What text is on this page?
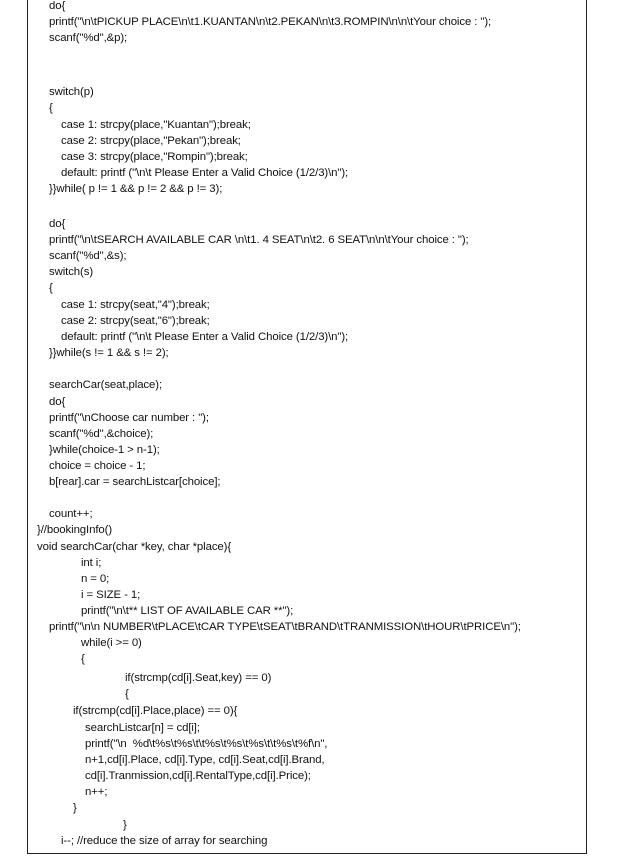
do{

printf("\n\tPICKUP PLACE\n\t1.KUANTAN\n\t2.PEKAN\n\t3.ROMPIN\n\n\tYour choice : ");

scanf("%d",&p);

switch(p)

{

case 1: strcpy(place,"Kuantan");break;

case 2: strcpy(place,"Pekan");break;

case 3: strcpy(place,"Rompin");break;

default: printf ("\n\t Please Enter a Valid Choice (1/2/3)\n");

}}while( p != 1 && p != 2 && p != 3);

do{

printf("\n\tSEARCH AVAILABLE CAR \n\t1. 4 SEAT\n\t2. 6 SEAT\n\n\tYour choice : ");

scanf("%d",&s);

switch(s)

{

case 1: strcpy(seat,"4");break;

case 2: strcpy(seat,"6");break;

default: printf ("\n\t Please Enter a Valid Choice (1/2/3)\n");

}}while(s != 1 && s != 2);

searchCar(seat,place);

do{

printf("\nChoose car number : ");

scanf("%d",&choice);

}while(choice-1 > n-1);

choice = choice - 1;

b[rear].car = searchListcar[choice];

count++;

}//bookingInfo()

void searchCar(char *key, char *place){

int i;

n = 0;

i = SIZE - 1;

printf("\n\t** LIST OF AVAILABLE CAR **");

printf("\n\n NUMBER\tPLACE\tCAR TYPE\tSEAT\tBRAND\tTRANMISSION\tHOUR\tPRICE\n");

while(i >= 0)

{

if(strcmp(cd[i].Seat,key) == 0)

{

if(strcmp(cd[i].Place,place) == 0){

searchListcar[n] = cd[i];

printf("\n  %d\t%s\t%s\t\t%s\t%s\t%s\t\t%s\t%f\n",

n+1,cd[i].Place, cd[i].Type, cd[i].Seat,cd[i].Brand,

cd[i].Tranmission,cd[i].RentalType,cd[i].Price);

n++;

}

}

i--; //reduce the size of array for searching
